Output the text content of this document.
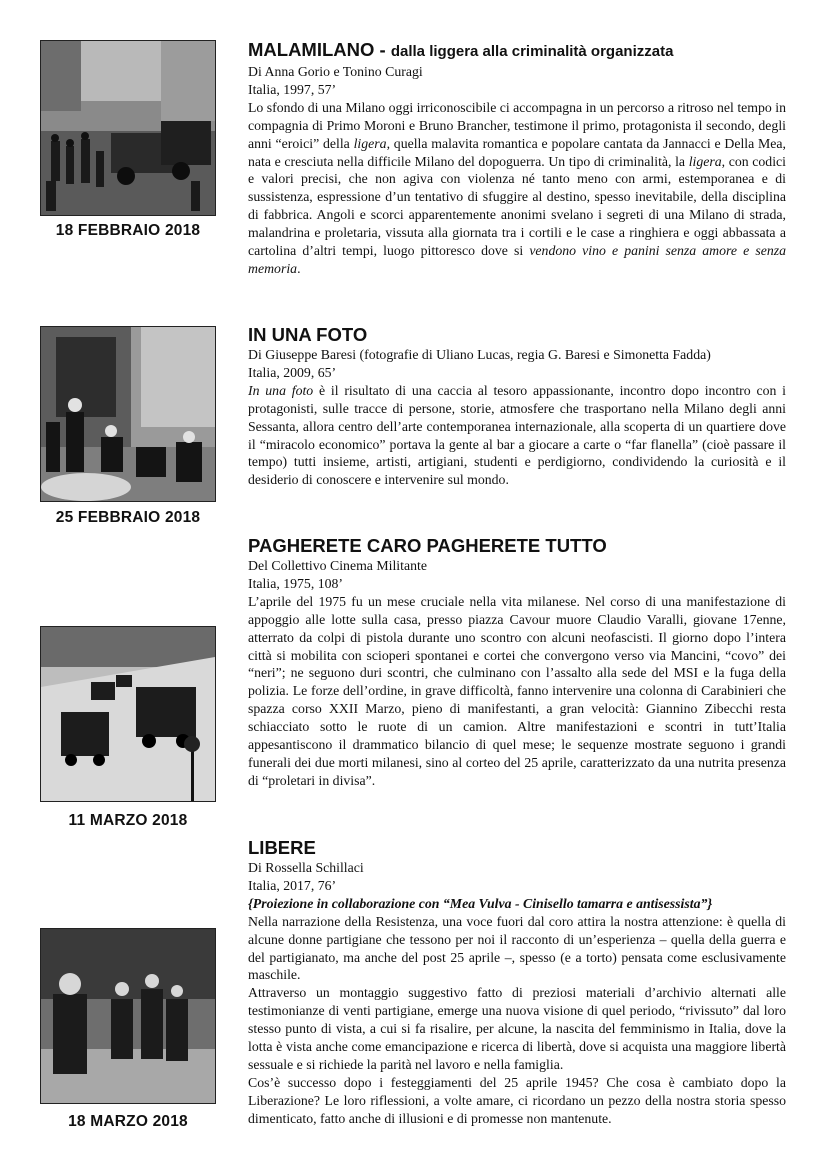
18 FEBBRAIO 2018

MALAMILANO - dalla liggera alla criminalità organizzata

Di Anna Gorio e Tonino Curagi

Italia, 1997, 57’

Lo sfondo di una Milano oggi irriconoscibile ci accompagna in un percorso a ritroso nel tempo in compagnia di Primo Moroni e Bruno Brancher, testimone il primo, protagonista il secondo, degli anni “eroici” della ligera, quella malavita romantica e popolare cantata da Jannacci e Della Mea, nata e cresciuta nella difficile Milano del dopoguerra. Un tipo di criminalità, la ligera, con codici e valori precisi, che non agiva con violenza né tanto meno con armi, estemporanea e di sussistenza, espressione d’un tentativo di sfuggire al destino, spesso inevitabile, della disciplina di fabbrica. Angoli e scorci apparentemente anonimi svelano i segreti di una Milano di strada, malandrina e proletaria, vissuta alla giornata tra i cortili e le case a ringhiera e oggi abbassata a cartolina d’altri tempi, luogo pittoresco dove si vendono vino e panini senza amore e senza memoria.

25 FEBBRAIO 2018

IN UNA FOTO

Di Giuseppe Baresi (fotografie di Uliano Lucas, regia G. Baresi e Simonetta Fadda)

Italia, 2009, 65’

In una foto è il risultato di una caccia al tesoro appassionante, incontro dopo incontro con i protagonisti, sulle tracce di persone, storie, atmosfere che trasportano nella Milano degli anni Sessanta, allora centro dell’arte contemporanea internazionale, alla scoperta di un quartiere dove il “miracolo economico” portava la gente al bar a giocare a carte o “far flanella” (cioè passare il tempo) tutti insieme, artisti, artigiani, studenti e perdigiorno, condividendo la curiosità e il desiderio di conoscere e intervenire sul mondo.

11 MARZO 2018

PAGHERETE CARO PAGHERETE TUTTO

Del Collettivo Cinema Militante

Italia, 1975, 108’

L’aprile del 1975 fu un mese cruciale nella vita milanese. Nel corso di una manifestazione di appoggio alle lotte sulla casa, presso piazza Cavour muore Claudio Varalli, giovane 17enne, atterrato da colpi di pistola durante uno scontro con alcuni neofascisti. Il giorno dopo l’intera città si mobilita con scioperi spontanei e cortei che convergono verso via Mancini, “covo” dei “neri”; ne seguono duri scontri, che culminano con l’assalto alla sede del MSI e la fuga della polizia. Le forze dell’ordine, in grave difficoltà, fanno intervenire una colonna di Carabinieri che spazza corso XXII Marzo, pieno di manifestanti, a gran velocità: Giannino Zibecchi resta schiacciato sotto le ruote di un camion. Altre manifestazioni e scontri in tutt’Italia appesantiscono il drammatico bilancio di quel mese; le sequenze mostrate seguono i grandi funerali dei due morti milanesi, sino al corteo del 25 aprile, caratterizzato da una nutrita presenza di “proletari in divisa”.

18 MARZO 2018

LIBERE

Di Rossella Schillaci

Italia, 2017, 76’

{Proiezione in collaborazione con “Mea Vulva - Cinisello tamarra e antisessista”}

Nella narrazione della Resistenza, una voce fuori dal coro attira la nostra attenzione: è quella di alcune donne partigiane che tessono per noi il racconto di un’esperienza – quella della guerra e del partigianato, ma anche del post 25 aprile –, spesso (e a torto) pensata come esclusivamente maschile.

Attraverso un montaggio suggestivo fatto di preziosi materiali d’archivio alternati alle testimonianze di venti partigiane, emerge una nuova visione di quel periodo, “rivissuto” dal loro stesso punto di vista, a cui si fa risalire, per alcune, la nascita del femminismo in Italia, dove la lotta è vista anche come emancipazione e ricerca di libertà, dove si acquista una maggiore libertà sessuale e si richiede la parità nel lavoro e nella famiglia.

Cos’è successo dopo i festeggiamenti del 25 aprile 1945? Che cosa è cambiato dopo la Liberazione? Le loro riflessioni, a volte amare, ci ricordano un pezzo della nostra storia spesso dimenticato, fatto anche di illusioni e di promesse non mantenute.
